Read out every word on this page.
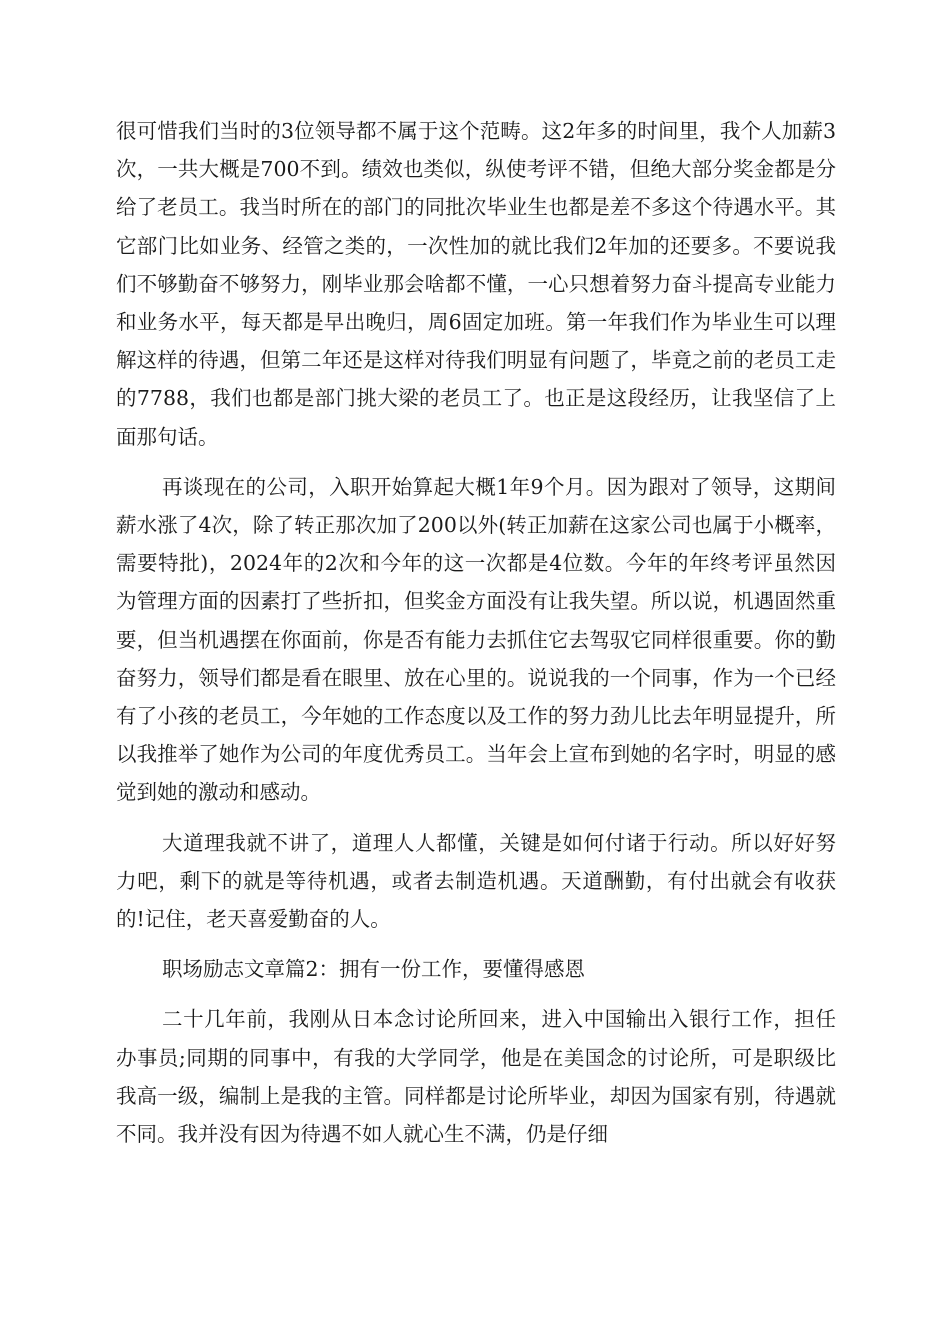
很可惜我们当时的3位领导都不属于这个范畴。这2年多的时间里，我个人加薪3次，一共大概是700不到。绩效也类似，纵使考评不错，但绝大部分奖金都是分给了老员工。我当时所在的部门的同批次毕业生也都是差不多这个待遇水平。其它部门比如业务、经管之类的，一次性加的就比我们2年加的还要多。不要说我们不够勤奋不够努力，刚毕业那会啥都不懂，一心只想着努力奋斗提高专业能力和业务水平，每天都是早出晚归，周6固定加班。第一年我们作为毕业生可以理解这样的待遇，但第二年还是这样对待我们明显有问题了，毕竟之前的老员工走的7788，我们也都是部门挑大梁的老员工了。也正是这段经历，让我坚信了上面那句话。

再谈现在的公司，入职开始算起大概1年9个月。因为跟对了领导，这期间薪水涨了4次，除了转正那次加了200以外(转正加薪在这家公司也属于小概率，需要特批)，2024年的2次和今年的这一次都是4位数。今年的年终考评虽然因为管理方面的因素打了些折扣，但奖金方面没有让我失望。所以说，机遇固然重要，但当机遇摆在你面前，你是否有能力去抓住它去驾驭它同样很重要。你的勤奋努力，领导们都是看在眼里、放在心里的。说说我的一个同事，作为一个已经有了小孩的老员工，今年她的工作态度以及工作的努力劲儿比去年明显提升，所以我推举了她作为公司的年度优秀员工。当年会上宣布到她的名字时，明显的感觉到她的激动和感动。

大道理我就不讲了，道理人人都懂，关键是如何付诸于行动。所以好好努力吧，剩下的就是等待机遇，或者去制造机遇。天道酬勤，有付出就会有收获的!记住，老天喜爱勤奋的人。

职场励志文章篇2：拥有一份工作，要懂得感恩

二十几年前，我刚从日本念讨论所回来，进入中国输出入银行工作，担任办事员;同期的同事中，有我的大学同学，他是在美国念的讨论所，可是职级比我高一级，编制上是我的主管。同样都是讨论所毕业，却因为国家有别，待遇就不同。我并没有因为待遇不如人就心生不满，仍是仔细
